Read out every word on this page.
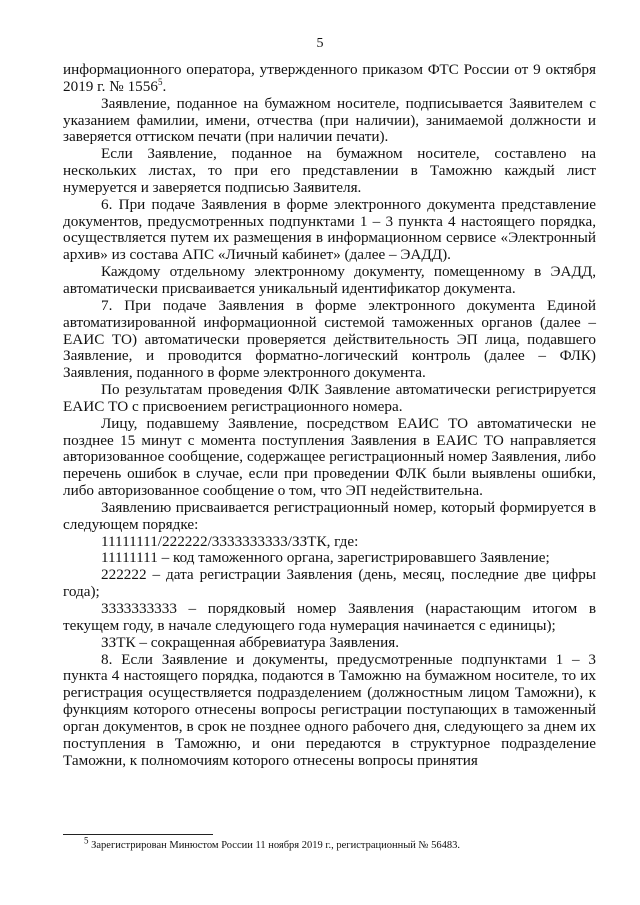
5

информационного оператора, утвержденного приказом ФТС России от 9 октября 2019 г. № 1556$^5$.

Заявление, поданное на бумажном носителе, подписывается Заявителем с указанием фамилии, имени, отчества (при наличии), занимаемой должности и заверяется оттиском печати (при наличии печати).

Если Заявление, поданное на бумажном носителе, составлено на нескольких листах, то при его представлении в Таможню каждый лист нумеруется и заверяется подписью Заявителя.

6. При подаче Заявления в форме электронного документа представление документов, предусмотренных подпунктами 1 – 3 пункта 4 настоящего порядка, осуществляется путем их размещения в информационном сервисе «Электронный архив» из состава АПС «Личный кабинет» (далее – ЭАДД).

Каждому отдельному электронному документу, помещенному в ЭАДД, автоматически присваивается уникальный идентификатор документа.

7. При подаче Заявления в форме электронного документа Единой автоматизированной информационной системой таможенных органов (далее – ЕАИС ТО) автоматически проверяется действительность ЭП лица, подавшего Заявление, и проводится форматно-логический контроль (далее – ФЛК) Заявления, поданного в форме электронного документа.

По результатам проведения ФЛК Заявление автоматически регистрируется ЕАИС ТО с присвоением регистрационного номера.

Лицу, подавшему Заявление, посредством ЕАИС ТО автоматически не позднее 15 минут с момента поступления Заявления в ЕАИС ТО направляется авторизованное сообщение, содержащее регистрационный номер Заявления, либо перечень ошибок в случае, если при проведении ФЛК были выявлены ошибки, либо авторизованное сообщение о том, что ЭП недействительна.

Заявлению присваивается регистрационный номер, который формируется в следующем порядке:

11111111/222222/3333333333/ЗЗТК, где:

11111111 – код таможенного органа, зарегистрировавшего Заявление;

222222 – дата регистрации Заявления (день, месяц, последние две цифры года);

3333333333 – порядковый номер Заявления (нарастающим итогом в текущем году, в начале следующего года нумерация начинается с единицы);

ЗЗТК – сокращенная аббревиатура Заявления.

8. Если Заявление и документы, предусмотренные подпунктами 1 – 3 пункта 4 настоящего порядка, подаются в Таможню на бумажном носителе, то их регистрация осуществляется подразделением (должностным лицом Таможни), к функциям которого отнесены вопросы регистрации поступающих в таможенный орган документов, в срок не позднее одного рабочего дня, следующего за днем их поступления в Таможню, и они передаются в структурное подразделение Таможни, к полномочиям которого отнесены вопросы принятия

$^5$ Зарегистрирован Минюстом России 11 ноября 2019 г., регистрационный № 56483.
